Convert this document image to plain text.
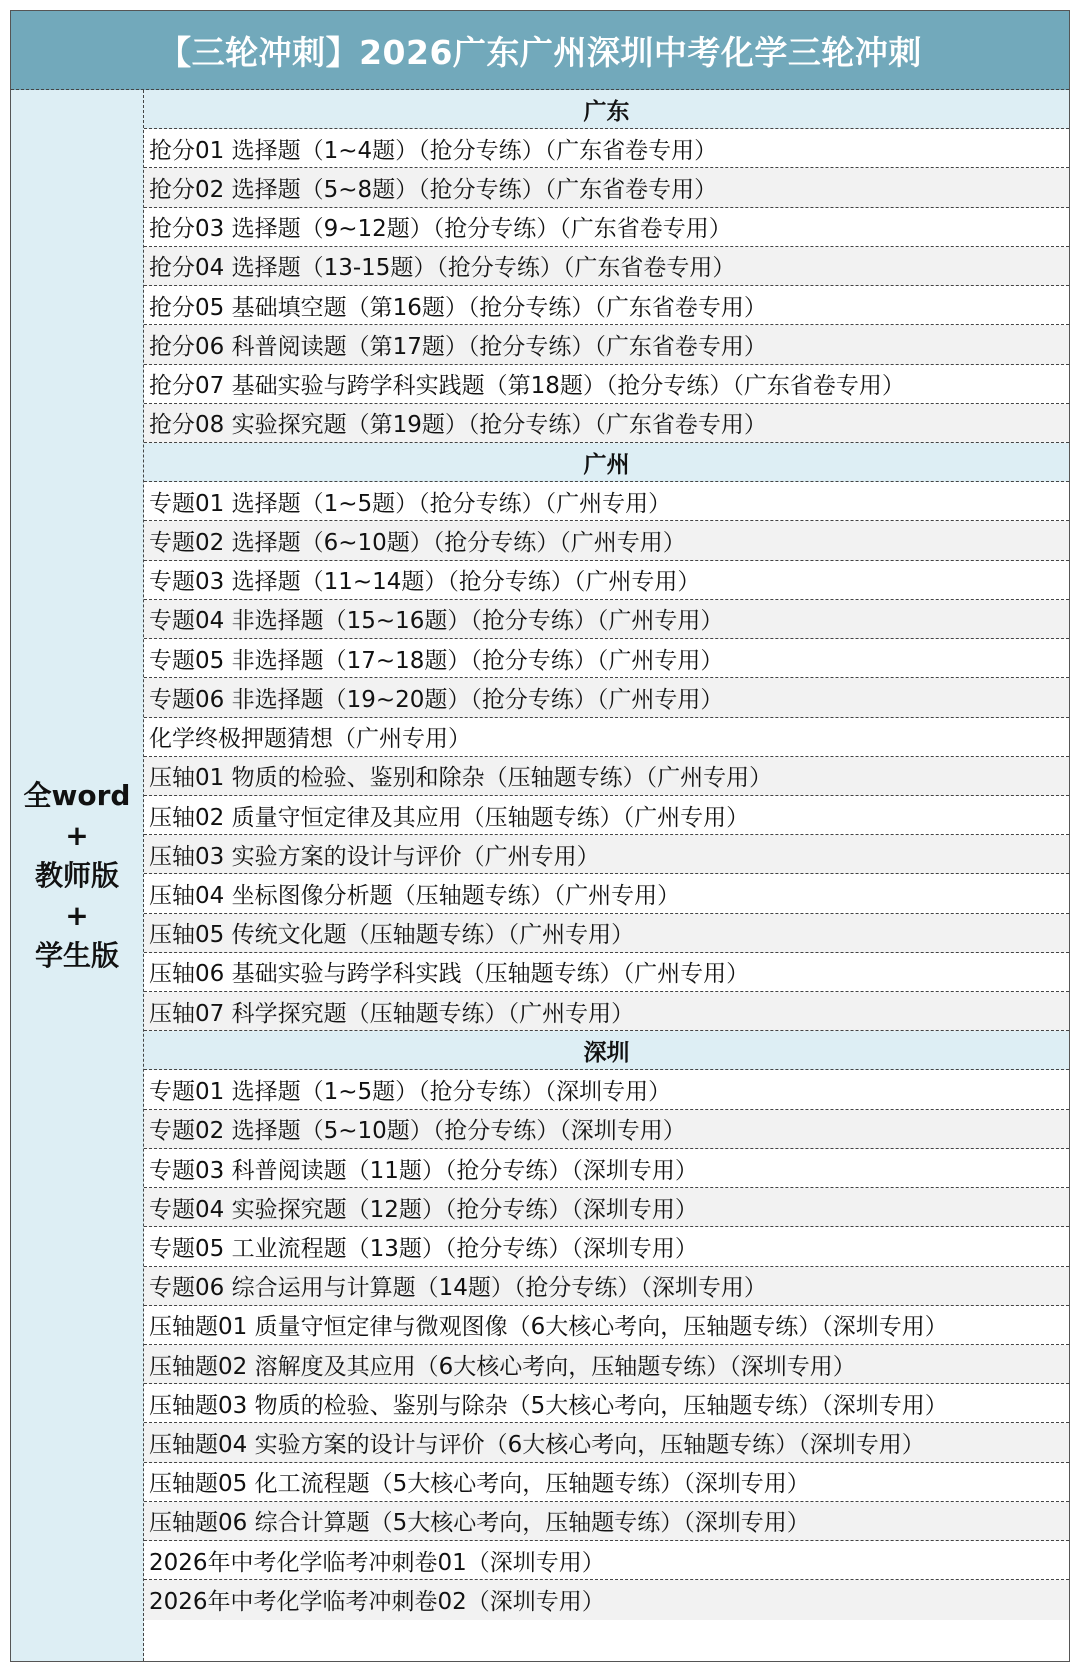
【三轮冲刺】2026广东广州深圳中考化学三轮冲刺
全word
+
教师版
+
学生版
广东
抢分01 选择题（1~4题）（抢分专练）（广东省卷专用）
抢分02 选择题（5~8题）（抢分专练）（广东省卷专用）
抢分03 选择题（9~12题）（抢分专练）（广东省卷专用）
抢分04 选择题（13-15题）（抢分专练）（广东省卷专用）
抢分05 基础填空题（第16题）（抢分专练）（广东省卷专用）
抢分06 科普阅读题（第17题）（抢分专练）（广东省卷专用）
抢分07 基础实验与跨学科实践题（第18题）（抢分专练）（广东省卷专用）
抢分08 实验探究题（第19题）（抢分专练）（广东省卷专用）
广州
专题01 选择题（1~5题）（抢分专练）（广州专用）
专题02 选择题（6~10题）（抢分专练）（广州专用）
专题03 选择题（11~14题）（抢分专练）（广州专用）
专题04 非选择题（15~16题）（抢分专练）（广州专用）
专题05 非选择题（17~18题）（抢分专练）（广州专用）
专题06 非选择题（19~20题）（抢分专练）（广州专用）
化学终极押题猜想（广州专用）
压轴01 物质的检验、鉴别和除杂（压轴题专练）（广州专用）
压轴02 质量守恒定律及其应用（压轴题专练）（广州专用）
压轴03 实验方案的设计与评价（广州专用）
压轴04 坐标图像分析题（压轴题专练）（广州专用）
压轴05 传统文化题（压轴题专练）（广州专用）
压轴06 基础实验与跨学科实践（压轴题专练）（广州专用）
压轴07 科学探究题（压轴题专练）（广州专用）
深圳
专题01 选择题（1~5题）（抢分专练）（深圳专用）
专题02 选择题（5~10题）（抢分专练）（深圳专用）
专题03 科普阅读题（11题）（抢分专练）（深圳专用）
专题04 实验探究题（12题）（抢分专练）（深圳专用）
专题05 工业流程题（13题）（抢分专练）（深圳专用）
专题06 综合运用与计算题（14题）（抢分专练）（深圳专用）
压轴题01 质量守恒定律与微观图像（6大核心考向，压轴题专练）（深圳专用）
压轴题02 溶解度及其应用（6大核心考向，压轴题专练）（深圳专用）
压轴题03 物质的检验、鉴别与除杂（5大核心考向，压轴题专练）（深圳专用）
压轴题04 实验方案的设计与评价（6大核心考向，压轴题专练）（深圳专用）
压轴题05 化工流程题（5大核心考向，压轴题专练）（深圳专用）
压轴题06 综合计算题（5大核心考向，压轴题专练）（深圳专用）
2026年中考化学临考冲刺卷01（深圳专用）
2026年中考化学临考冲刺卷02（深圳专用）
